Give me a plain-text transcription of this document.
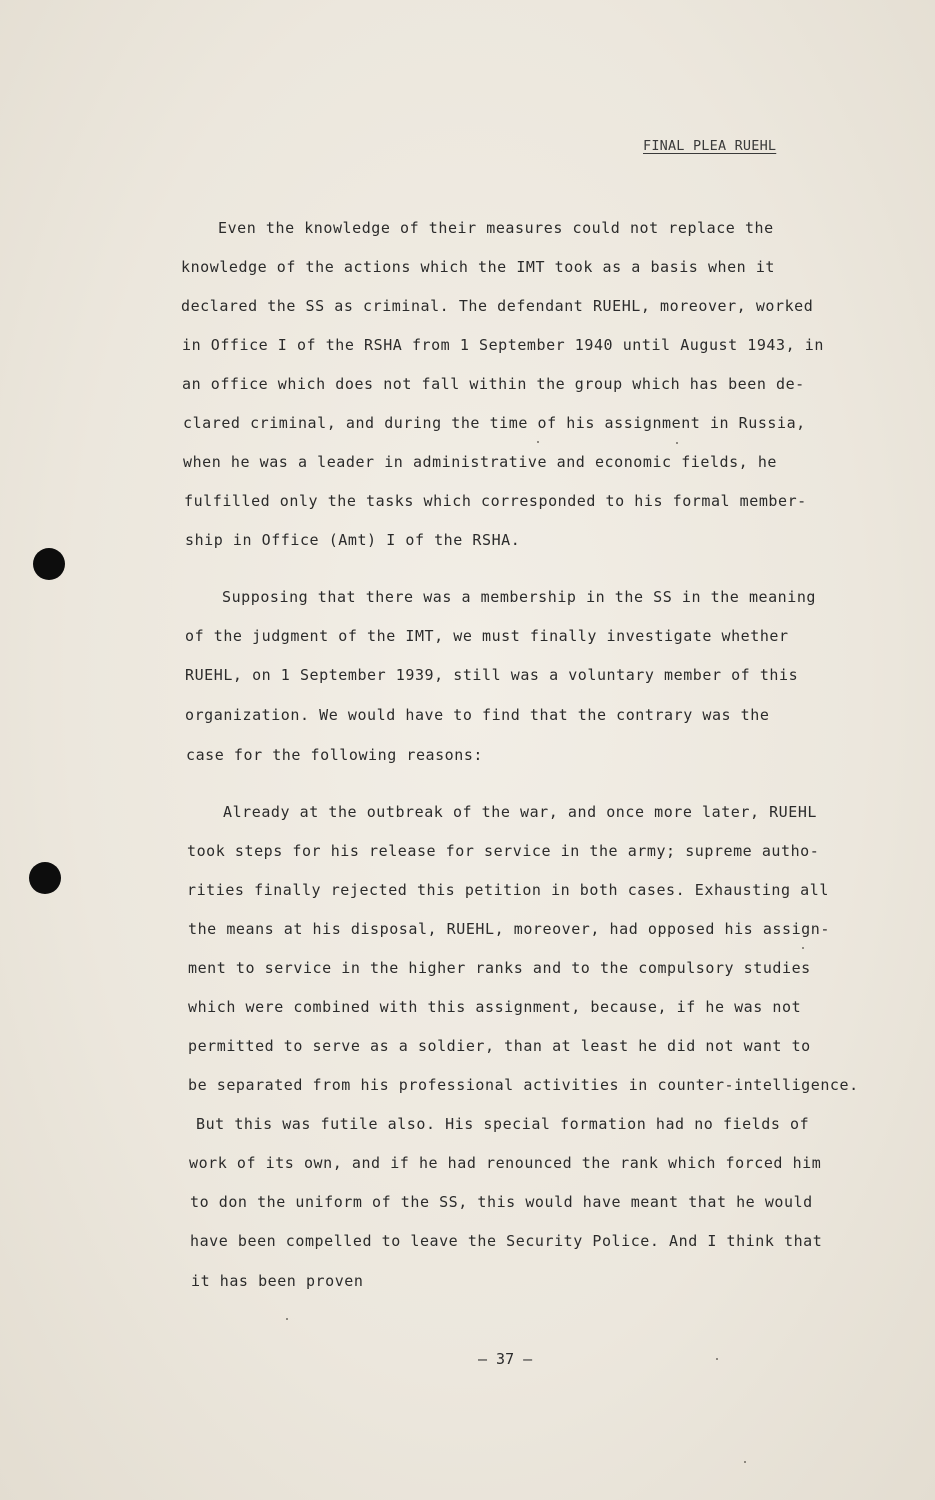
FINAL PLEA RUEHL
Even the knowledge of their measures could not replace the
knowledge of the actions which the IMT took as a basis when it
declared the SS as criminal. The defendant RUEHL, moreover, worked
in Office I of the RSHA from 1 September 1940 until August 1943, in
an office which does not fall within the group which has been de-
clared criminal, and during the time of his assignment in Russia,
when he was a leader in administrative and economic fields, he
fulfilled only the tasks which corresponded to his formal member-
ship in Office (Amt) I of the RSHA.
Supposing that there was a membership in the SS in the meaning
of the judgment of the IMT, we must finally investigate whether
RUEHL, on 1 September 1939, still was a voluntary member of this
organization. We would have to find that the contrary was the
case for the following reasons:
Already at the outbreak of the war, and once more later, RUEHL
took steps for his release for service in the army; supreme autho-
rities finally rejected this petition in both cases. Exhausting all
the means at his disposal, RUEHL, moreover, had opposed his assign-
ment to service in the higher ranks and to the compulsory studies
which were combined with this assignment, because, if he was not
permitted to serve as a soldier, than at least he did not want to
be separated from his professional activities in counter-intelligence.
But this was futile also. His special formation had no fields of
work of its own, and if he had renounced the rank which forced him
to don the uniform of the SS, this would have meant that he would
have been compelled to leave the Security Police. And I think that
it has been proven
— 37 —
